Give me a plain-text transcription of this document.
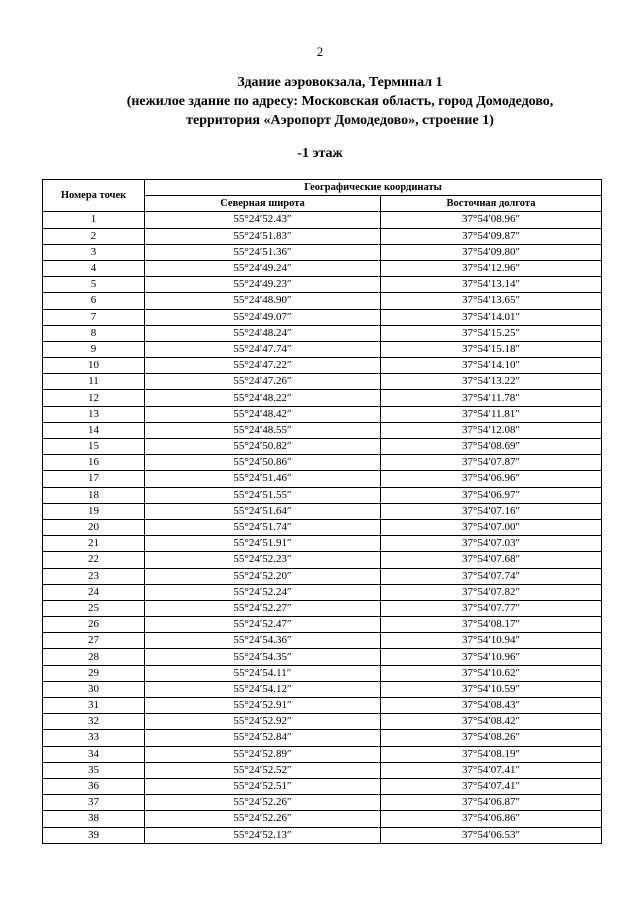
2
Здание аэровокзала, Терминал 1
(нежилое здание по адресу: Московская область, город Домодедово,
территория «Аэропорт Домодедово», строение 1)
-1 этаж
Номера точек	Географические координаты	
	Северная широта	Восточная долгота
1	55°24′52.43″	37°54′08.96″
2	55°24′51.83″	37°54′09.87″
3	55°24′51.36″	37°54′09.80″
4	55°24′49.24″	37°54′12.96″
5	55°24′49.23″	37°54′13.14″
6	55°24′48.90″	37°54′13.65″
7	55°24′49.07″	37°54′14.01″
8	55°24′48.24″	37°54′15.25″
9	55°24′47.74″	37°54′15.18″
10	55°24′47.22″	37°54′14.10″
11	55°24′47.26″	37°54′13.22″
12	55°24′48.22″	37°54′11.78″
13	55°24′48.42″	37°54′11.81″
14	55°24′48.55″	37°54′12.08″
15	55°24′50.82″	37°54′08.69″
16	55°24′50.86″	37°54′07.87″
17	55°24′51.46″	37°54′06.96″
18	55°24′51.55″	37°54′06.97″
19	55°24′51.64″	37°54′07.16″
20	55°24′51.74″	37°54′07.00″
21	55°24′51.91″	37°54′07.03″
22	55°24′52.23″	37°54′07.68″
23	55°24′52.20″	37°54′07.74″
24	55°24′52.24″	37°54′07.82″
25	55°24′52.27″	37°54′07.77″
26	55°24′52.47″	37°54′08.17″
27	55°24′54.36″	37°54′10.94″
28	55°24′54.35″	37°54′10.96″
29	55°24′54.11″	37°54′10.62″
30	55°24′54.12″	37°54′10.59″
31	55°24′52.91″	37°54′08.43″
32	55°24′52.92″	37°54′08.42″
33	55°24′52.84″	37°54′08.26″
34	55°24′52.89″	37°54′08.19″
35	55°24′52.52″	37°54′07.41″
36	55°24′52.51″	37°54′07.41″
37	55°24′52.26″	37°54′06.87″
38	55°24′52.26″	37°54′06.86″
39	55°24′52.13″	37°54′06.53″
